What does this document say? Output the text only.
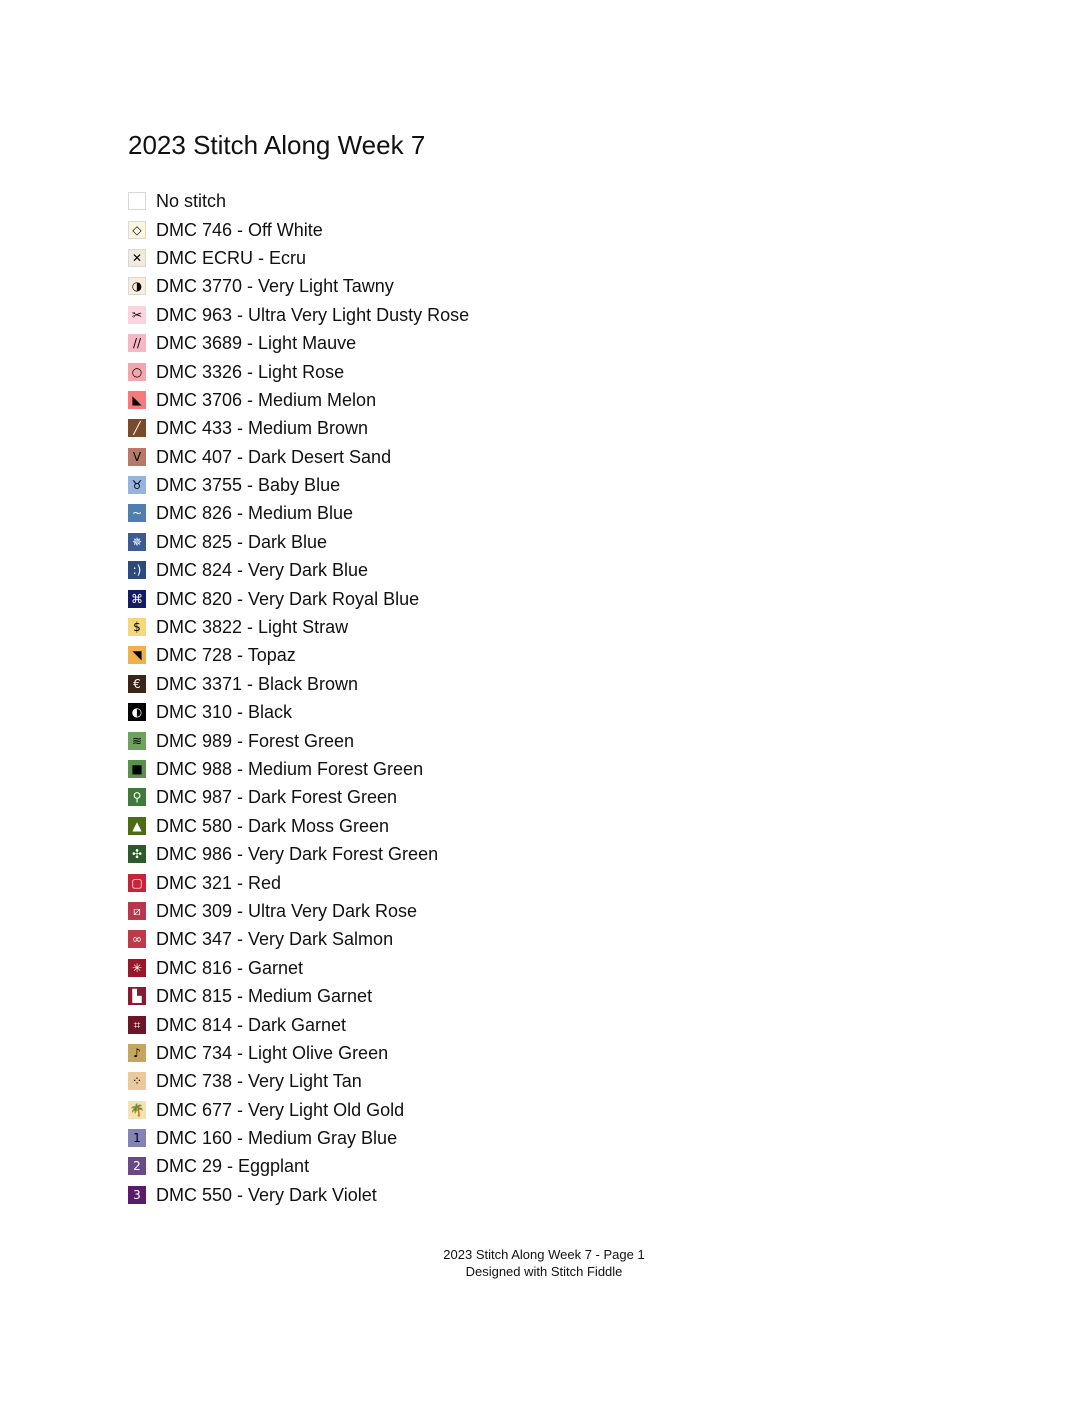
2023 Stitch Along Week 7
No stitch
◇ DMC 746 - Off White
✕ DMC ECRU - Ecru
◑ DMC 3770 - Very Light Tawny
✂ DMC 963 - Ultra Very Light Dusty Rose
// DMC 3689 - Light Mauve
○ DMC 3326 - Light Rose
◣ DMC 3706 - Medium Melon
╱ DMC 433 - Medium Brown
V DMC 407 - Dark Desert Sand
♉ DMC 3755 - Baby Blue
~ DMC 826 - Medium Blue
✵ DMC 825 - Dark Blue
:) DMC 824 - Very Dark Blue
⌘ DMC 820 - Very Dark Royal Blue
$ DMC 3822 - Light Straw
◥ DMC 728 - Topaz
€ DMC 3371 - Black Brown
◐ DMC 310 - Black
≋ DMC 989 - Forest Green
■ DMC 988 - Medium Forest Green
⚲ DMC 987 - Dark Forest Green
▲ DMC 580 - Dark Moss Green
✣ DMC 986 - Very Dark Forest Green
▢ DMC 321 - Red
⧄ DMC 309 - Ultra Very Dark Rose
∞ DMC 347 - Very Dark Salmon
✳ DMC 816 - Garnet
▙ DMC 815 - Medium Garnet
⌗ DMC 814 - Dark Garnet
♪ DMC 734 - Light Olive Green
⁘ DMC 738 - Very Light Tan
🌴 DMC 677 - Very Light Old Gold
1 DMC 160 - Medium Gray Blue
2 DMC 29 - Eggplant
3 DMC 550 - Very Dark Violet
2023 Stitch Along Week 7 - Page 1
Designed with Stitch Fiddle
